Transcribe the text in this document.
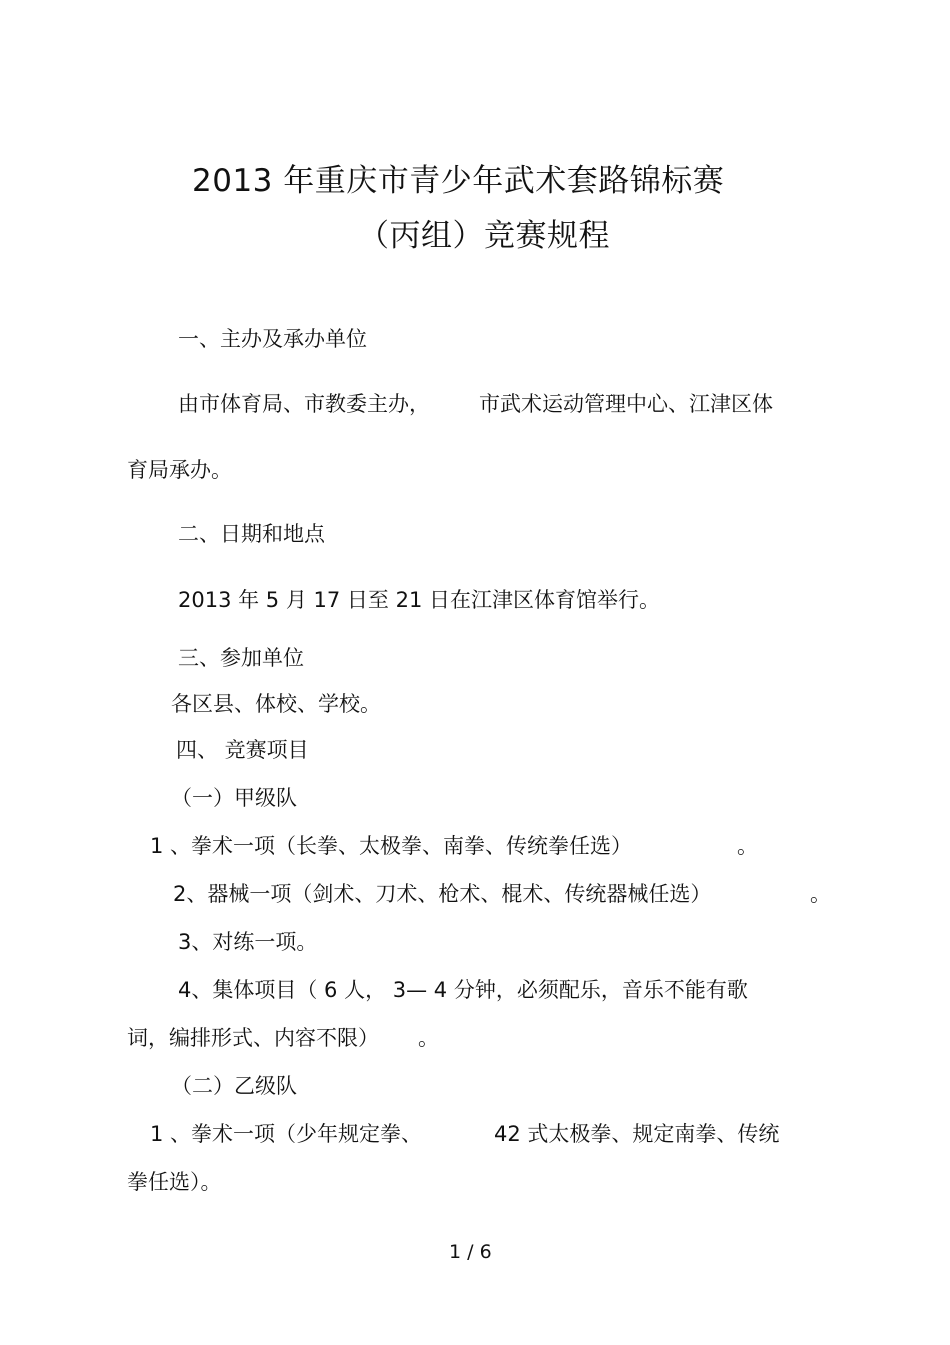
2013 年重庆市青少年武术套路锦标赛
（丙组）竞赛规程
一、主办及承办单位
由市体育局、市教委主办， 市武术运动管理中心、江津区体
育局承办。
二、日期和地点
2013 年 5 月 17 日至 21 日在江津区体育馆举行。
三、参加单位
各区县、体校、学校。
四、 竞赛项目
（一）甲级队
1 、拳术一项（长拳、太极拳、南拳、传统拳任选）	。
2、器械一项（剑术、刀术、枪术、棍术、传统器械任选）	。
3、对练一项。
4、集体项目（ 6 人， 3— 4 分钟，必须配乐，音乐不能有歌
词，编排形式、内容不限） 。
（二）乙级队
1 、拳术一项（少年规定拳、	42 式太极拳、规定南拳、传统
拳任选）。
1 / 6
